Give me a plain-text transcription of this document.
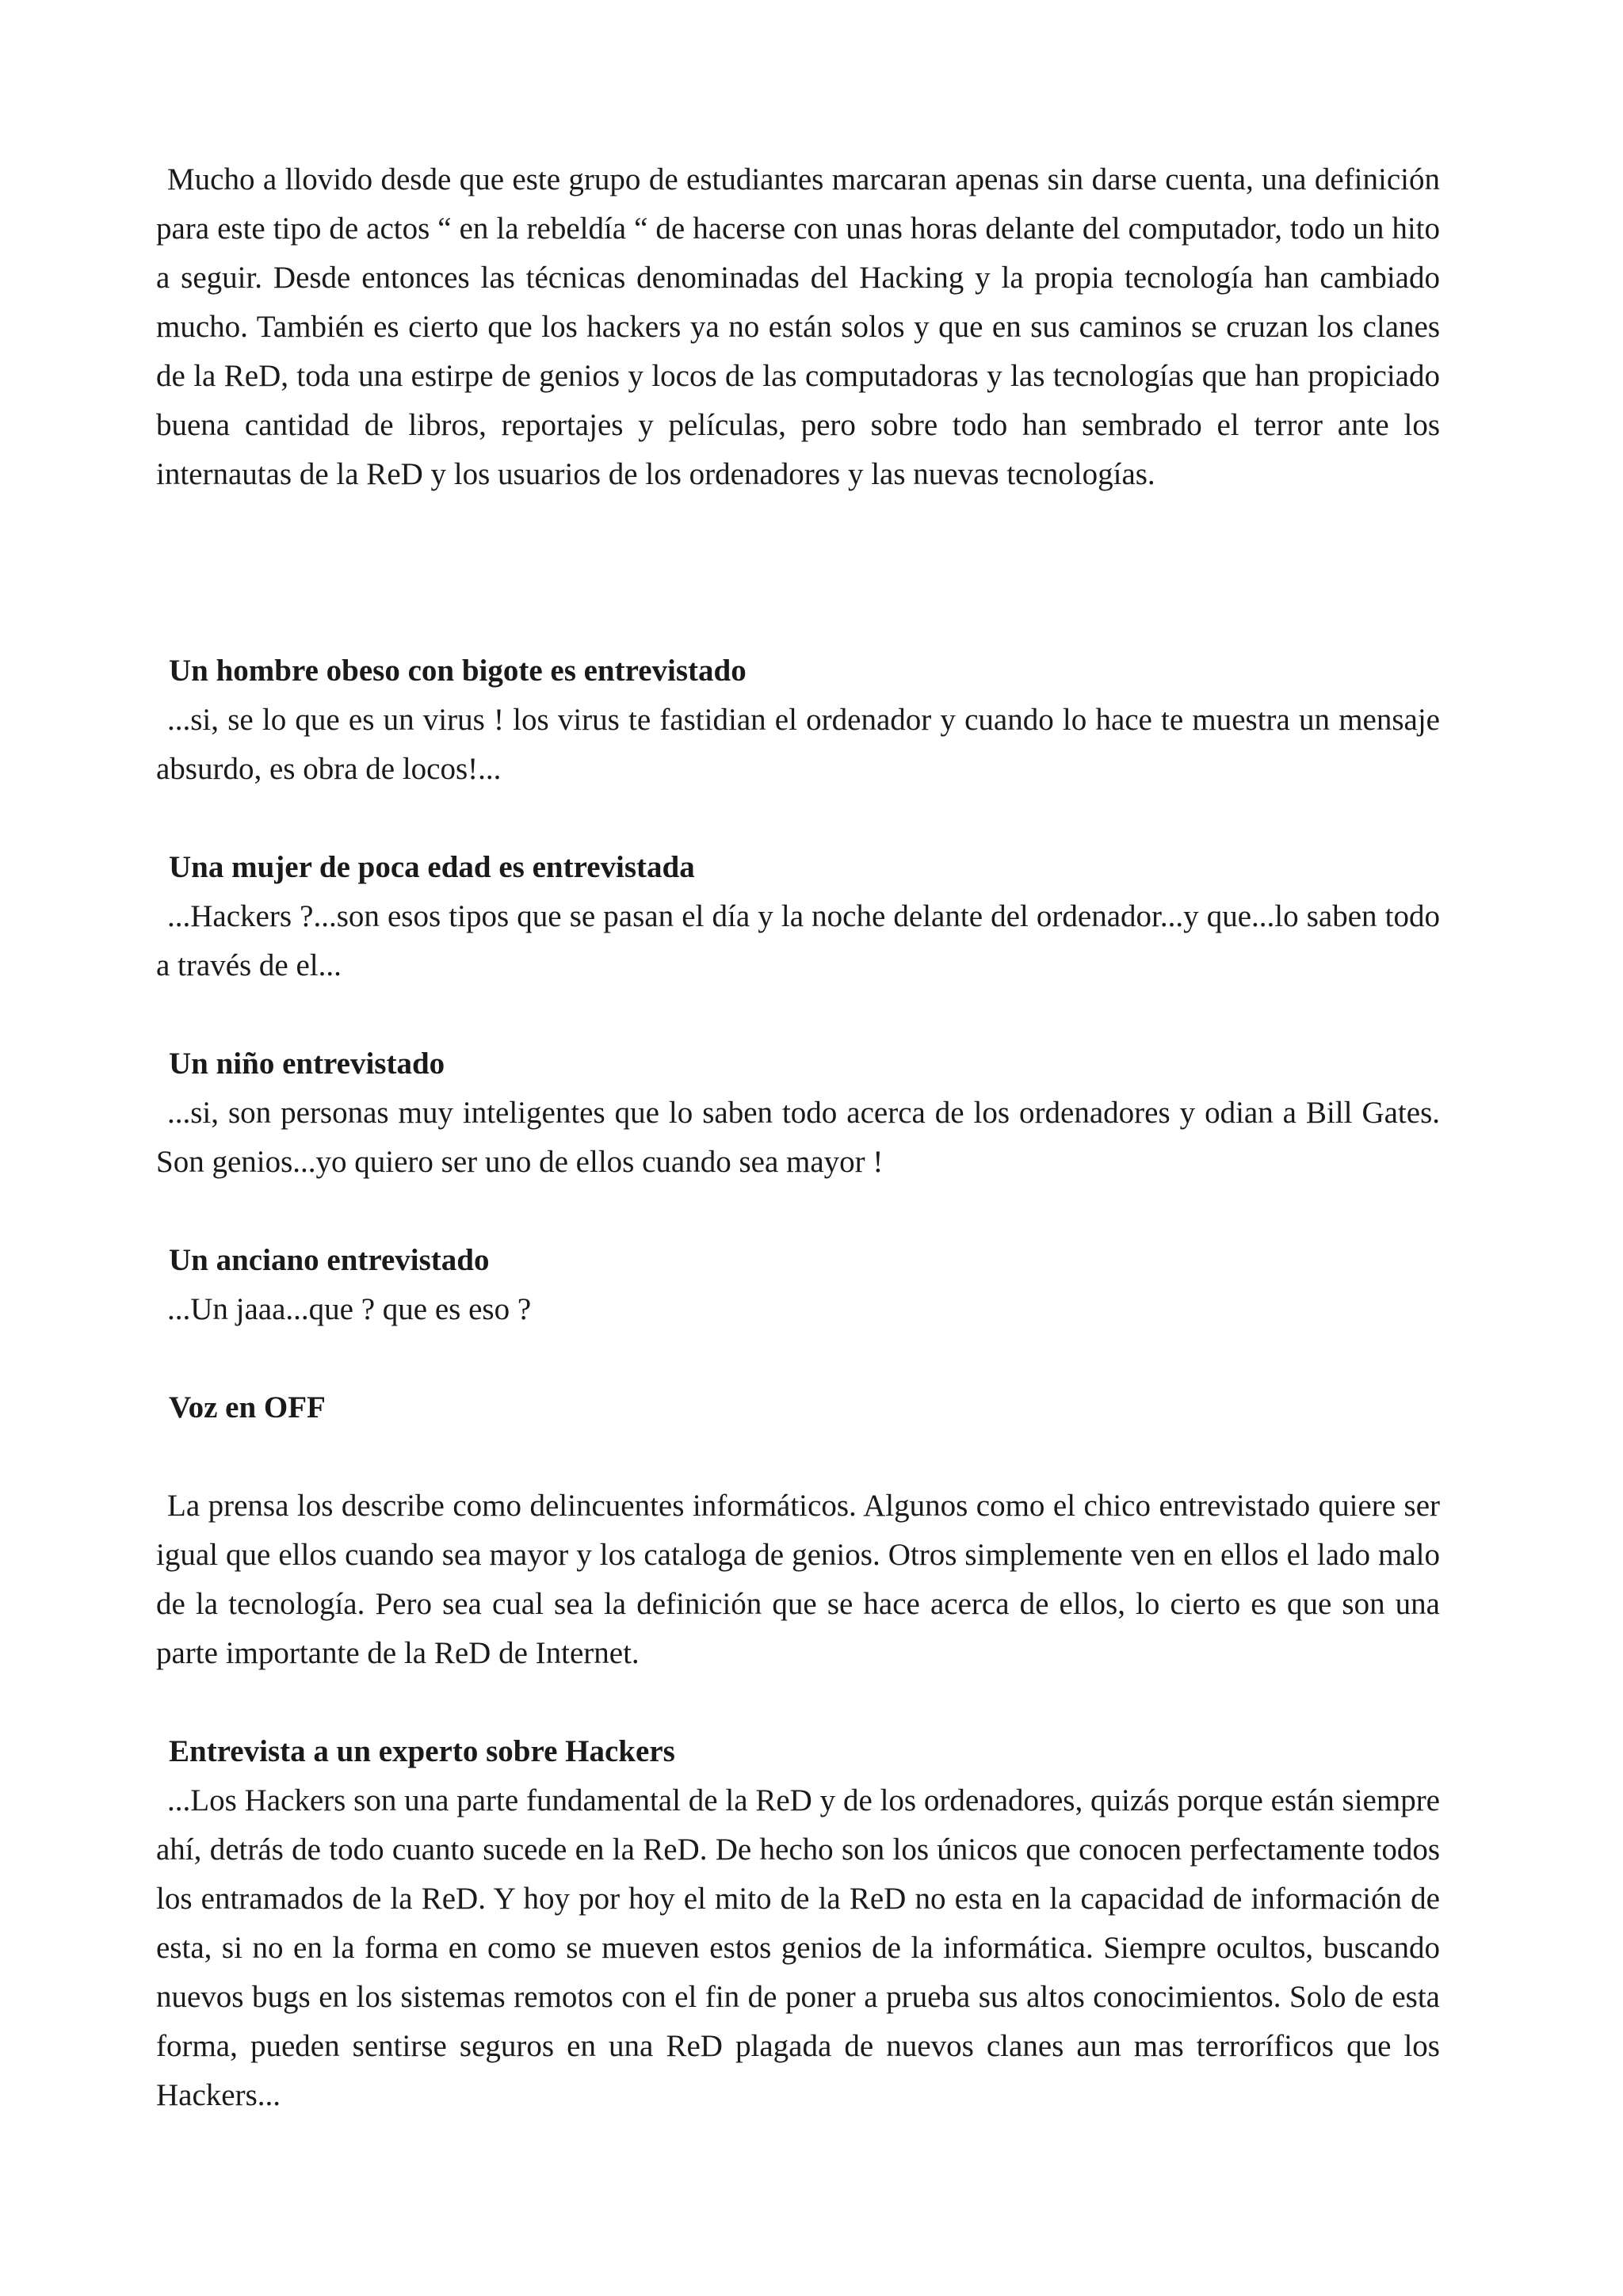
Mucho a llovido desde que este grupo de estudiantes marcaran apenas sin darse cuenta, una definición para este tipo de actos “ en la rebeldía “ de hacerse con unas horas delante del computador, todo un hito a seguir. Desde entonces las técnicas denominadas del Hacking y la propia tecnología han cambiado mucho. También es cierto que los hackers ya no están solos y que en sus caminos se cruzan los clanes de la ReD, toda una estirpe de genios y locos de las computadoras y las tecnologías que han propiciado buena cantidad de libros, reportajes y películas, pero sobre todo han sembrado el terror ante los internautas de la ReD y los usuarios de los ordenadores y las nuevas tecnologías.

Un hombre obeso con bigote es entrevistado

...si, se lo que es un virus ! los virus te fastidian el ordenador y cuando lo hace te muestra un mensaje absurdo, es obra de locos!...

Una mujer de poca edad es entrevistada

...Hackers ?...son esos tipos que se pasan el día y la noche delante del ordenador...y que...lo saben todo a través de el...

Un niño entrevistado

...si, son personas muy inteligentes que lo saben todo acerca de los ordenadores y odian a Bill Gates. Son genios...yo quiero ser uno de ellos cuando sea mayor !

Un anciano entrevistado

...Un jaaa...que ? que es eso ?

Voz en OFF

La prensa los describe como delincuentes informáticos. Algunos como el chico entrevistado quiere ser igual que ellos cuando sea mayor y los cataloga de genios. Otros simplemente ven en ellos el lado malo de la tecnología. Pero sea cual sea la definición que se hace acerca de ellos, lo cierto es que son una parte importante de la ReD de Internet.

Entrevista a un experto sobre Hackers

...Los Hackers son una parte fundamental de la ReD y de los ordenadores, quizás porque están siempre ahí, detrás de todo cuanto sucede en la ReD. De hecho son los únicos que conocen perfectamente todos los entramados de la ReD. Y hoy por hoy el mito de la ReD no esta en la capacidad de información de esta, si no en la forma en como se mueven estos genios de la informática. Siempre ocultos, buscando nuevos bugs en los sistemas remotos con el fin de poner a prueba sus altos conocimientos. Solo de esta forma, pueden sentirse seguros en una ReD plagada de nuevos clanes aun mas terroríficos que los Hackers...
